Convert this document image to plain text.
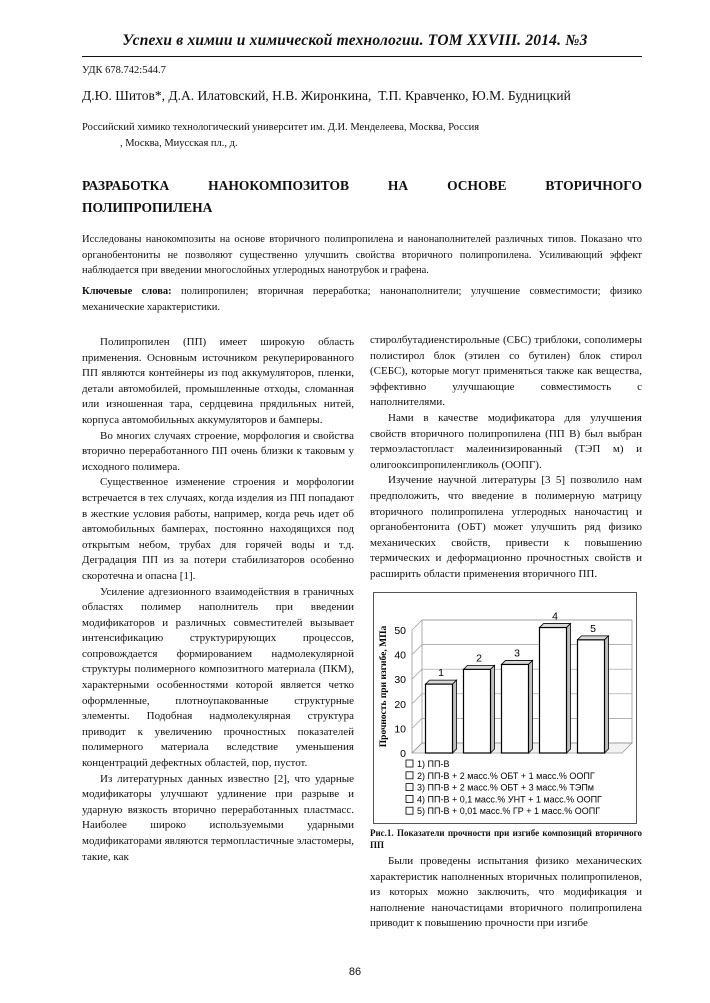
Успехи в химии и химической технологии. ТОМ XXVIII. 2014. №3
УДК 678.742:544.7
Д.Ю. Шитов*, Д.А. Илатовский, Н.В. Жиронкина,  Т.П. Кравченко, Ю.М. Будницкий
Российский химико технологический университет им. Д.И. Менделеева, Москва, Россия
, Москва, Миусская пл., д.
РАЗРАБОТКА	НАНОКОМПОЗИТОВ	НА	ОСНОВЕ	ВТОРИЧНОГО
ПОЛИПРОПИЛЕНА
Исследованы нанокомпозиты на основе вторичного полипропилена и нанонаполнителей различных типов. Показано что органобентониты не позволяют существенно улучшить свойства вторичного полипропилена. Усиливающий эффект наблюдается при введении многослойных углеродных нанотрубок и графена.
Ключевые слова: полипропилен; вторичная переработка; нанонаполнители; улучшение совместимости; физико механические характеристики.

Полипропилен (ПП) имеет широкую область применения. Основным источником рекуперированного ПП являются контейнеры из под аккумуляторов, пленки, детали автомобилей, промышленные отходы, сломанная или изношенная тара, сердцевина прядильных нитей, корпуса автомобильных аккумуляторов и бамперы.

Во многих случаях строение, морфология и свойства вторично переработанного ПП очень близки к таковым у исходного полимера.

Существенное изменение строения и морфологии встречается в тех случаях, когда изделия из ПП попадают в жесткие условия работы, например, когда речь идет об автомобильных бамперах, постоянно находящихся под открытым небом, трубах для горячей воды и т.д. Деградация ПП из за потери стабилизаторов особенно скоротечна и опасна [1].

Усиление адгезионного взаимодействия в граничных областях полимер наполнитель при введении модификаторов и различных совместителей вызывает интенсификацию структурирующих процессов, сопровождается формированием надмолекулярной структуры полимерного композитного материала (ПКМ), характерными особенностями которой является четко оформленные, плотноупакованные структурные элементы. Подобная надмолекулярная структура приводит к увеличению прочностных показателей полимерного материала вследствие уменьшения концентраций дефектных областей, пор, пустот.

Из литературных данных известно [2], что ударные модификаторы улучшают удлинение при разрыве и ударную вязкость вторично переработанных пластмасс. Наиболее широко используемыми ударными модификаторами являются термопластичные эластомеры, такие, как

стиролбутадиенстирольные (СБС) триблоки, сополимеры полистирол блок (этилен со бутилен) блок стирол (СЕБС), которые могут применяться также как вещества, эффективно улучшающие совместимость с наполнителями.

Нами в качестве модификатора для улучшения свойств вторичного полипропилена (ПП В) был выбран термоэластопласт малеинизированный (ТЭП м) и олигооксипропиленгликоль (ООПГ).

Изучение научной литературы [3 5] позволило нам предположить, что введение в полимерную матрицу вторичного полипропилена углеродных наночастиц и органобентонита (ОБТ) может улучшить ряд физико механических свойств, привести к повышению термических и деформационно прочностных свойств и расширить области применения вторичного ПП.

0
10
20
30
40
50
Прочность при изгибе, МПа	1
2	3
4
5
1) ПП-В
2) ПП-В + 2 масс.% ОБТ + 1 масс.% ООПГ
3) ПП-В + 2 масс.% ОБТ + 3 масс.% ТЭПм
4) ПП-В + 0,1 масс.% УНТ + 1 масс.% ООПГ
5) ПП-В + 0,01 масс.% ГР + 1 масс.% ООПГ
Рис.1. Показатели прочности при изгибе композиций вторичного ПП

Были проведены испытания физико механических характеристик наполненных вторичных полипропиленов, из которых можно заключить, что модификация и наполнение наночастицами вторичного полипропилена приводит к повышению прочности при изгибе

86
